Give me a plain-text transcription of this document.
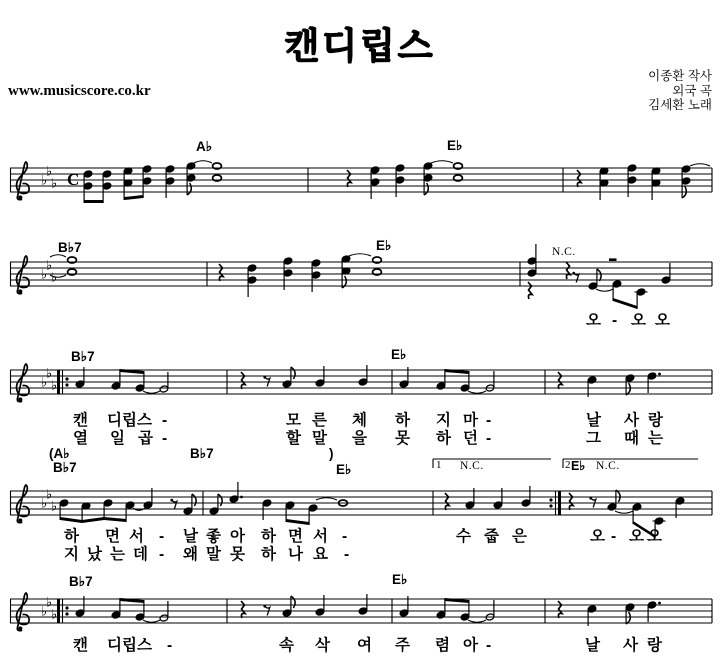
캔디립스
www.musicscore.co.kr
이종환 작사
외국 곡
김세환 노래
♭
♭
♭ C
A♭	E♭
♭
♭
♭
B♭7	E♭	N.C.
오 - 오 오
♭
♭
♭
B♭7	E♭
캔 디립스 -	모 른 체 하 지 마 -	날 사 랑
열 일 곱 -	할 말 을 못 하 던 -	그 때 는
♭
♭
♭
(A♭	B♭7	)
B♭7	E♭
하 면 서 - 날 좋 아 하 면 서 -	수 줍 은	오 - 오 오
지 났 는 데 - 왜 말 못 하 나 요 -
♭
♭
♭
B♭7	E♭
캔 디립스 -	속 삭 여 주 렴 아 -	날 사 랑
1 N.C.	2 E♭ N.C.
